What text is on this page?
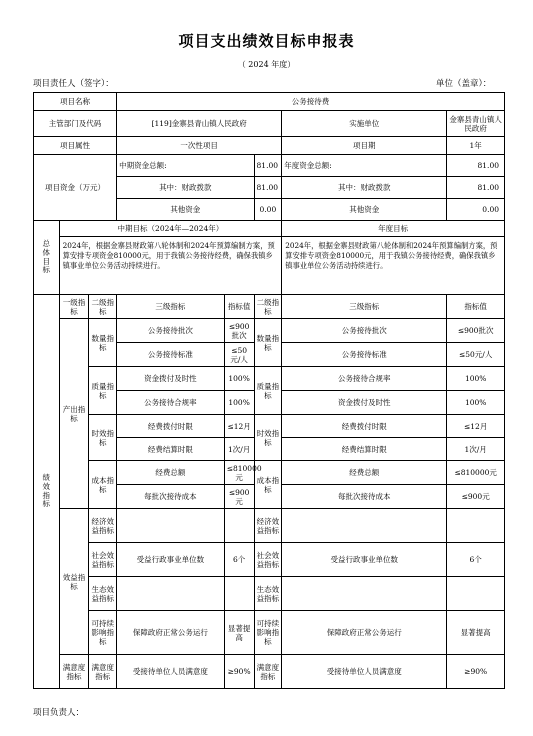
项目支出绩效目标申报表
（ 2024 年度）
项目责任人（签字）：	单位（盖章）：
项目名称			公务接待费				
主管部门及代码			[119]金寨县青山镇人民政府			实施单位	金寨县青山镇人民政府
项目属性			一次性项目			项目期	1年
项目资金（万元）			中期资金总额:		81.00	年度资金总额:	81.00
			其中：财政拨款		81.00	其中：财政拨款	81.00
			其他资金		0.00	其他资金	0.00
总体目标	中期目标（2024年—2024年）					年度目标	
	2024年，根据金寨县财政第八轮体制和2024年预算编制方案，预算安排专项资金810000元，用于我镇公务接待经费，确保我镇乡镇事业单位公务活动持续进行。					2024年，根据金寨县财政第八轮体制和2024年预算编制方案，预算安排专项资金810000元，用于我镇公务接待经费，确保我镇乡镇事业单位公务活动持续进行。	
绩效指标	一级指标	二级指标	三级指标	指标值	二级指标	三级指标	指标值
	产出指标	数量指标	公务接待批次	≤900批次	数量指标	公务接待批次	≤900批次
			公务接待标准	≤50元/人		公务接待标准	≤50元/人
		质量指标	资金拨付及时性	100%	质量指标	公务接待合规率	100%
			公务接待合规率	100%		资金拨付及时性	100%
		时效指标	经费拨付时限	≤12月	时效指标	经费拨付时限	≤12月
			经费结算时限	1次/月		经费结算时限	1次/月
		成本指标	经费总额	≤810000元	成本指标	经费总额	≤810000元
			每批次接待成本	≤900元		每批次接待成本	≤900元
	效益指标	经济效益指标			经济效益指标		
		社会效益指标	受益行政事业单位数	6个	社会效益指标	受益行政事业单位数	6个
		生态效益指标			生态效益指标		
		可持续影响指标	保障政府正常公务运行	显著提高	可持续影响指标	保障政府正常公务运行	显著提高
	满意度指标	满意度指标	受接待单位人员满意度	≥90%	满意度指标	受接待单位人员满意度	≥90%
项目负责人：
